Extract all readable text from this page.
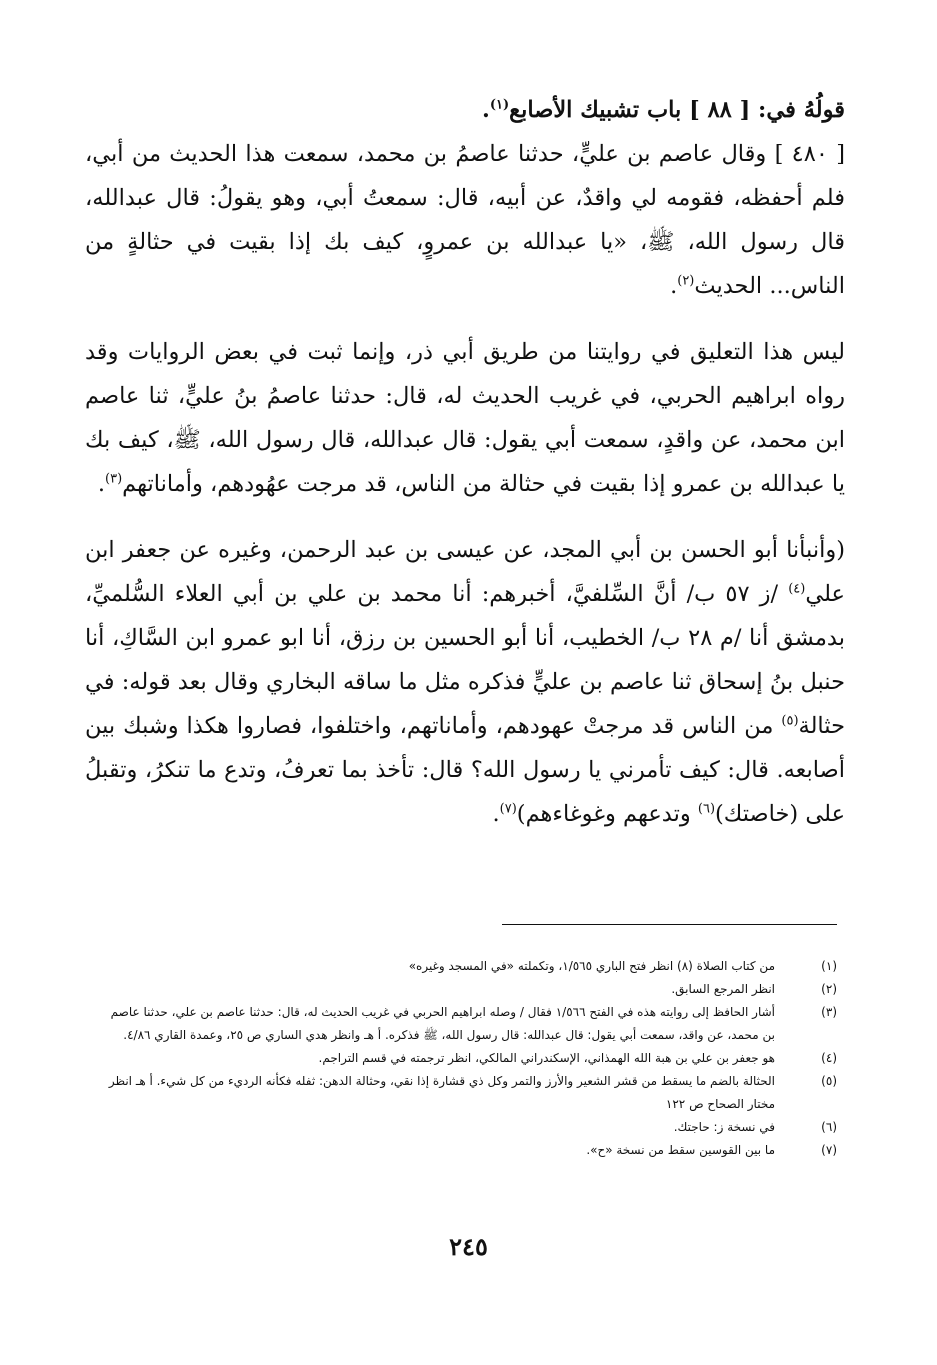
قولُهُ في: [ ٨٨ ] باب تشبيك الأصابع$^{(١)}$.

[ ٤٨٠ ] وقال عاصم بن عليٍّ، حدثنا عاصمُ بن محمد، سمعت هذا الحديث من أبي، فلم أحفظه، فقومه لي واقدٌ، عن أبيه، قال: سمعتُ أبي، وهو يقولُ: قال عبدالله، قال رسول الله، ﷺ، «يا عبدالله بن عمروٍ، كيف بك إذا بقيت في حثالةٍ من الناس... الحديث$^{(٢)}$.

ليس هذا التعليق في روايتنا من طريق أبي ذر، وإنما ثبت في بعض الروايات وقد رواه ابراهيم الحربي، في غريب الحديث له، قال: حدثنا عاصمُ بنُ عليٍّ، ثنا عاصم ابن محمد، عن واقدٍ، سمعت أبي يقول: قال عبدالله، قال رسول الله، ﷺ، كيف بك يا عبدالله بن عمرو إذا بقيت في حثالة من الناس، قد مرجت عهُودهم، وأماناتهم$^{(٣)}$.

(وأنبأنا أبو الحسن بن أبي المجد، عن عيسى بن عبد الرحمن، وغيره عن جعفر ابن علي$^{(٤)}$ /ز ٥٧ ب/ أنَّ السِّلفيَّ، أخبرهم: أنا محمد بن علي بن أبي العلاء السُّلميِّ، بدمشق أنا /م ٢٨ ب/ الخطيب، أنا أبو الحسين بن رزق، أنا ابو عمرو ابن السَّاكِ، أنا حنبل بنُ إسحاق ثنا عاصم بن عليٍّ فذكره مثل ما ساقه البخاري وقال بعد قوله: في حثالة$^{(٥)}$ من الناس قد مرجتْ عهودهم، وأماناتهم، واختلفوا، فصاروا هكذا وشبك بين أصابعه. قال: كيف تأمرني يا رسول الله؟ قال: تأخذ بما تعرفُ، وتدع ما تنكرُ، وتقبلُ على (خاصتك)$^{(٦)}$ وتدعهم وغوغاءهم)$^{(٧)}$.

(١)
من كتاب الصلاة (٨) انظر فتح الباري ١/٥٦٥، وتكملته «في المسجد وغيره»
(٢)
انظر المرجع السابق.
(٣)
أشار الحافظ إلى روايته هذه في الفتح ١/٥٦٦ فقال / وصله ابراهيم الحربي في غريب الحديث له، قال: حدثنا عاصم بن علي، حدثنا عاصم بن محمد، عن واقد، سمعت أبي يقول: قال عبدالله: قال رسول الله، ﷺ فذكره. أ هـ وانظر هدي الساري ص ٢٥، وعمدة القاري ٤/٨٦.
(٤)
هو جعفر بن علي بن هبة الله الهمذاني، الإسكندراني المالكي، انظر ترجمته في قسم التراجم.
(٥)
الحثالة بالضم ما يسقط من قشر الشعير والأرز والتمر وكل ذي قشارة إذا نقي، وحثالة الدهن: ثفله فكأنه الرديء من كل شيء. أ هـ انظر مختار الصحاح ص ١٢٢
(٦)
في نسخة ز: حاجتك.
(٧)
ما بين القوسين سقط من نسخة «ح».
٢٤٥
